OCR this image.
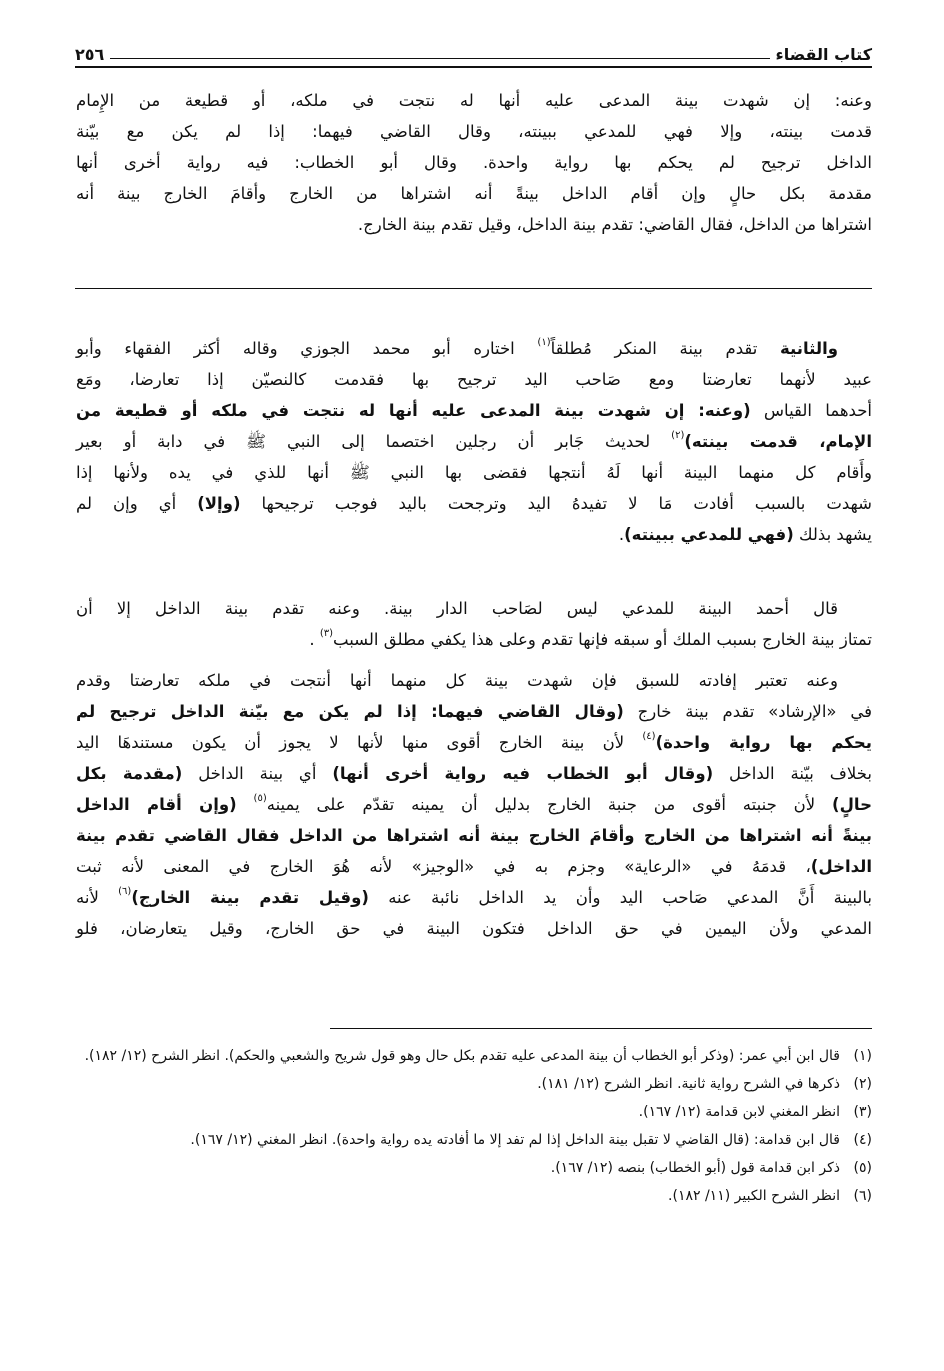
كتاب القضاء
٢٥٦
وعنه: إن شهدت بينة المدعى عليه أنها له نتجت في ملكه، أو قطيعة من الإِمام
قدمت بينته، وإلا فهي للمدعي ببينته، وقال القاضي فيهما: إذا لم يكن مع بيّنة
الداخل ترجيح لم يحكم بها رواية واحدة. وقال أبو الخطاب: فيه رواية أخرى أنها
مقدمة بكل حالٍ وإن أقام الداخل بينةً أنه اشتراها من الخارج وأقامَ الخارج بينة أنه
اشتراها من الداخل، فقال القاضي: تقدم بينة الداخل، وقيل تقدم بينة الخارج.
والثانية تقدم بينة المنكر مُطلقاً$^{(١)}$ اختاره أبو محمد الجوزي وقاله أكثر الفقهاء وأبو
عبيد لأنهما تعارضتا ومع صَاحب اليد ترجيح بها فقدمت كالنصيّن إذا تعارضا، ومَع
أحدهما القياس (وعنه: إن شهدت بينة المدعى عليه أنها له نتجت في ملكه أو قطيعة من
الإمام، قدمت بينته)$^{(٢)}$ لحديث جَابر أن رجلين اختصما إلى النبي ﷺ في دابة أو بعير
وأَقام كل منهما البينة أنها لَهُ أنتجها فقضى بها النبي ﷺ أنها للذي في يده ولأنها إذا
شهدت بالسبب أفادت مَا لا تفيدهُ اليد وترجحت باليد فوجب ترجيحها (وإلا) أي وإن لم
يشهد بذلك (فهي للمدعي ببينته).
قال أحمد البينة للمدعي ليس لصَاحب الدار بينة. وعنه تقدم بينة الداخل إلا أن
تمتاز بينة الخارج بسبب الملك أو سبقه فإنها تقدم وعلى هذا يكفي مطلق السبب$^{(٣)}$ .
وعنه تعتبر إفادته للسبق فإن شهدت بينة كل منهما أنها أنتجت في ملكه تعارضتا وقدم
في «الإرشاد» تقدم بينة خارج (وقال القاضي فيهما: إذا لم يكن مع بيّنة الداخل ترجيح لم
يحكم بها رواية واحدة)$^{(٤)}$ لأن بينة الخارج أقوى منها لأنها لا يجوز أن يكون مستندهَا اليد
بخلاف بيّنة الداخل (وقال أبو الخطاب فيه رواية أخرى أنها) أي بينة الداخل (مقدمة بكل
حالٍ) لأن جنبته أقوى من جنبة الخارج بدليل أن يمينه تقدّم على يمينه$^{(٥)}$ (وإن أقام الداخل
بينةً أنه اشتراها من الخارج وأقامَ الخارج بينة أنه اشتراها من الداخل فقال القاضي تقدم بينة
الداخل)، قدمَهُ في «الرعاية» وجزم به في «الوجيز» لأنه هُوَ الخارج في المعنى لأنه ثبت
بالبينة أَنَّ المدعي صَاحب اليد وأن يد الداخل نائبة عنه (وقيل تقدم بينة الخارج)$^{(٦)}$ لأنه
المدعي ولأن اليمين في حق الداخل فتكون البينة في حق الخارج، وقيل يتعارضان، فلو
(١)
قال ابن أبي عمر: (وذكر أبو الخطاب أن بينة المدعى عليه تقدم بكل حال وهو قول شريح والشعبي والحكم). انظر الشرح (١٢/ ١٨٢).
(٢)
ذكرها في الشرح رواية ثانية. انظر الشرح (١٢/ ١٨١).
(٣)
انظر المغني لابن قدامة (١٢/ ١٦٧).
(٤)
قال ابن قدامة: (قال القاضي لا تقبل بينة الداخل إذا لم تفد إلا ما أفادته يده رواية واحدة). انظر المغني (١٢/ ١٦٧).
(٥)
ذكر ابن قدامة قول (أبو الخطاب) بنصه (١٢/ ١٦٧).
(٦)
انظر الشرح الكبير (١١/ ١٨٢).
